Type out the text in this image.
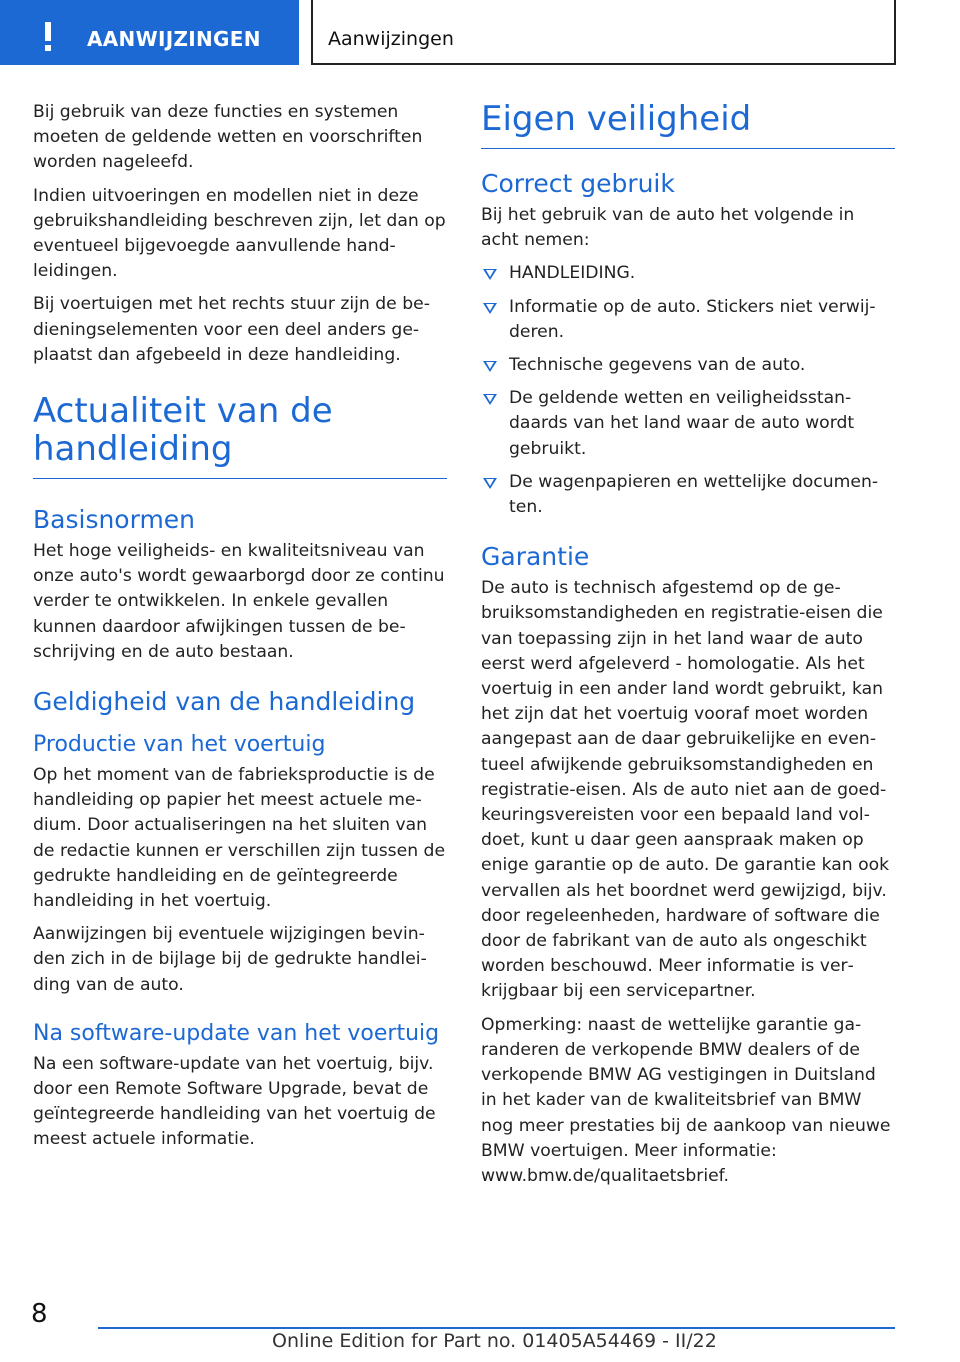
AANWIJZINGEN	Aanwijzingen

Bij gebruik van deze functies en systemen moeten de geldende wetten en voorschriften worden nageleefd.

Indien uitvoeringen en modellen niet in deze gebruikshandleiding beschreven zijn, let dan op eventueel bijgevoegde aanvullende handleidingen.

Bij voertuigen met het rechts stuur zijn de bedieningselementen voor een deel anders geplaatst dan afgebeeld in deze handleiding.

Actualiteit van de handleiding
Basisnormen

Het hoge veiligheids- en kwaliteitsniveau van onze auto's wordt gewaarborgd door ze continu verder te ontwikkelen. In enkele gevallen kunnen daardoor afwijkingen tussen de beschrijving en de auto bestaan.

Geldigheid van de handleiding
Productie van het voertuig

Op het moment van de fabrieksproductie is de handleiding op papier het meest actuele medium. Door actualiseringen na het sluiten van de redactie kunnen er verschillen zijn tussen de gedrukte handleiding en de geïntegreerde handleiding in het voertuig.

Aanwijzingen bij eventuele wijzigingen bevinden zich in de bijlage bij de gedrukte handleiding van de auto.

Na software-update van het voertuig

Na een software-update van het voertuig, bijv. door een Remote Software Upgrade, bevat de geïntegreerde handleiding van het voertuig de meest actuele informatie.

Eigen veiligheid
Correct gebruik

Bij het gebruik van de auto het volgende in acht nemen:

HANDLEIDING.
Informatie op de auto. Stickers niet verwijderen.
Technische gegevens van de auto.
De geldende wetten en veiligheidsstandaards van het land waar de auto wordt gebruikt.
De wagenpapieren en wettelijke documenten.
Garantie

De auto is technisch afgestemd op de gebruiksomstandigheden en registratie-eisen die van toepassing zijn in het land waar de auto eerst werd afgeleverd - homologatie. Als het voertuig in een ander land wordt gebruikt, kan het zijn dat het voertuig vooraf moet worden aangepast aan de daar gebruikelijke en eventueel afwijkende gebruiksomstandigheden en registratie-eisen. Als de auto niet aan de goedkeuringsvereisten voor een bepaald land voldoet, kunt u daar geen aanspraak maken op enige garantie op de auto. De garantie kan ook vervallen als het boordnet werd gewijzigd, bijv. door regeleenheden, hardware of software die door de fabrikant van de auto als ongeschikt worden beschouwd. Meer informatie is verkrijgbaar bij een servicepartner.

Opmerking: naast de wettelijke garantie garanderen de verkopende BMW dealers of de verkopende BMW AG vestigingen in Duitsland in het kader van de kwaliteitsbrief van BMW nog meer prestaties bij de aankoop van nieuwe BMW voertuigen. Meer informatie: www.bmw.de/qualitaetsbrief.

8
Online Edition for Part no. 01405A54469 - II/22
